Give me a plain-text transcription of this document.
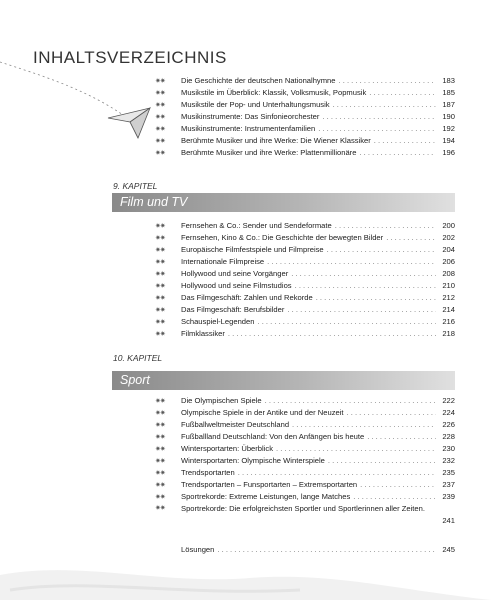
INHALTSVERZEICHNIS
✷✷	Die Geschichte der deutschen Nationalhymne . . .	183
✷✷	Musikstile im Überblick: Klassik, Volksmusik, Popmusik . . .	185
✷✷	Musikstile der Pop- und Unterhaltungsmusik . . .	187
✷✷	Musikinstrumente: Das Sinfonieorchester . . .	190
✷✷	Musikinstrumente: Instrumentenfamilien . . .	192
✷✷	Berühmte Musiker und ihre Werke: Die Wiener Klassiker . . .	194
✷✷	Berühmte Musiker und ihre Werke: Plattenmillionäre . . .	196
9. KAPITEL
Film und TV
✷✷	Fernsehen & Co.: Sender und Sendeformate . . .	200
✷✷	Fernsehen, Kino & Co.: Die Geschichte der bewegten Bilder . . .	202
✷✷	Europäische Filmfestspiele und Filmpreise . . .	204
✷✷	Internationale Filmpreise . . .	206
✷✷	Hollywood und seine Vorgänger . . .	208
✷✷	Hollywood und seine Filmstudios . . .	210
✷✷	Das Filmgeschäft: Zahlen und Rekorde . . .	212
✷✷	Das Filmgeschäft: Berufsbilder . . .	214
✷✷	Schauspiel-Legenden . . .	216
✷✷	Filmklassiker . . .	218
10. KAPITEL
Sport
✷✷	Die Olympischen Spiele . . .	222
✷✷	Olympische Spiele in der Antike und der Neuzeit . . .	224
✷✷	Fußballweltmeister Deutschland . . .	226
✷✷	Fußballland Deutschland: Von den Anfängen bis heute . . .	228
✷✷	Wintersportarten: Überblick . . .	230
✷✷	Wintersportarten: Olympische Winterspiele . . .	232
✷✷	Trendsportarten . . .	235
✷✷	Trendsportarten – Funsportarten – Extremsportarten . . .	237
✷✷	Sportrekorde: Extreme Leistungen, lange Matches . . .	239
✷✷	Sportrekorde: Die erfolgreichsten Sportler und Sportlerinnen aller Zeiten.
241
Lösungen . . .	245
